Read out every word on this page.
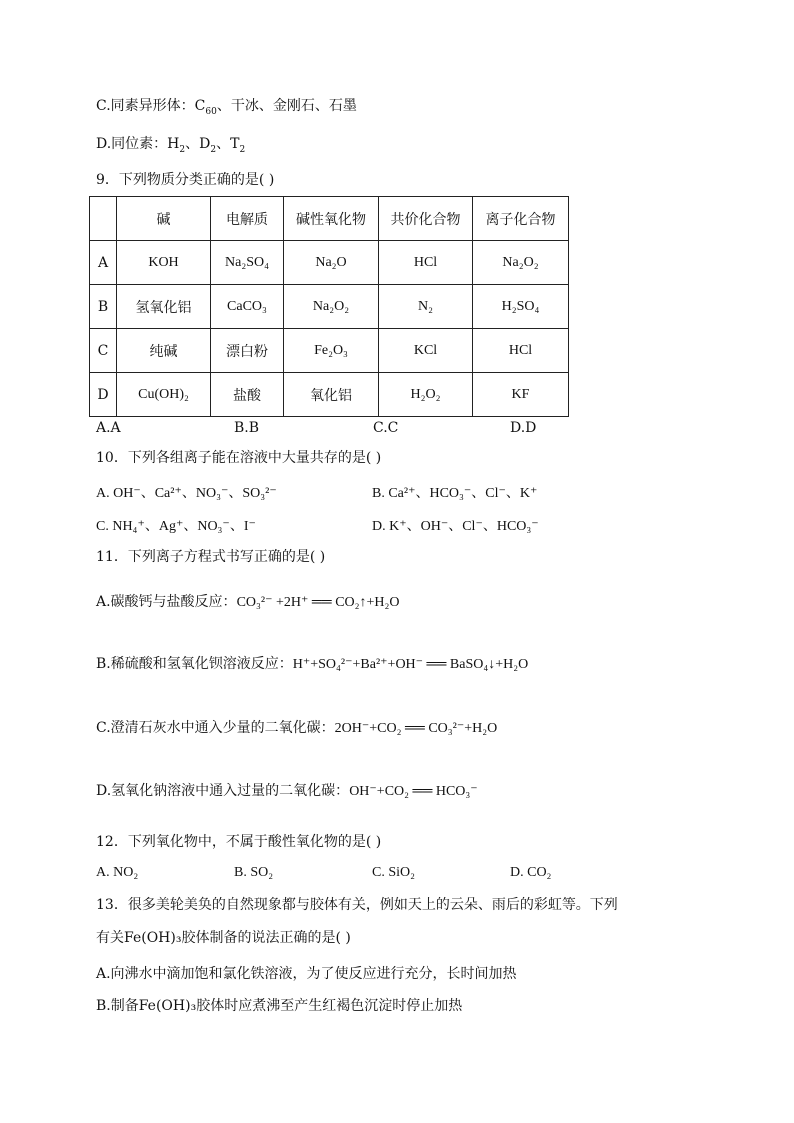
C.同素异形体：$C_{60}$、干冰、金刚石、石墨
D.同位素：$H_2$、$D_2$、$T_2$
9．下列物质分类正确的是( )
	碱	电解质	碱性氧化物	共价化合物	离子化合物
A	KOH	Na₂SO₄	Na₂O	HCl	Na₂O₂
B	氢氧化铝	CaCO₃	Na₂O₂	N₂	H₂SO₄
C	纯碱	漂白粉	Fe₂O₃	KCl	HCl
D	Cu(OH)₂	盐酸	氧化铝	H₂O₂	KF
A.A	B.B	C.C	D.D
10．下列各组离子能在溶液中大量共存的是( )
A. OH⁻、Ca²⁺、NO₃⁻、SO₃²⁻	B. Ca²⁺、HCO₃⁻、Cl⁻、K⁺
C. NH₄⁺、Ag⁺、NO₃⁻、I⁻	D. K⁺、OH⁻、Cl⁻、HCO₃⁻
11．下列离子方程式书写正确的是( )
A.碳酸钙与盐酸反应：CO₃²⁻ +2H⁺ ══ CO₂↑+H₂O
B.稀硫酸和氢氧化钡溶液反应：H⁺+SO₄²⁻+Ba²⁺+OH⁻ ══ BaSO₄↓+H₂O
C.澄清石灰水中通入少量的二氧化碳：2OH⁻+CO₂ ══ CO₃²⁻+H₂O
D.氢氧化钠溶液中通入过量的二氧化碳：OH⁻+CO₂ ══ HCO₃⁻
12．下列氧化物中，不属于酸性氧化物的是( )
A. NO₂	B. SO₂	C. SiO₂	D. CO₂
13．很多美轮美奂的自然现象都与胶体有关，例如天上的云朵、雨后的彩虹等。下列
有关Fe(OH)₃胶体制备的说法正确的是( )
A.向沸水中滴加饱和氯化铁溶液，为了使反应进行充分，长时间加热
B.制备Fe(OH)₃胶体时应煮沸至产生红褐色沉淀时停止加热
